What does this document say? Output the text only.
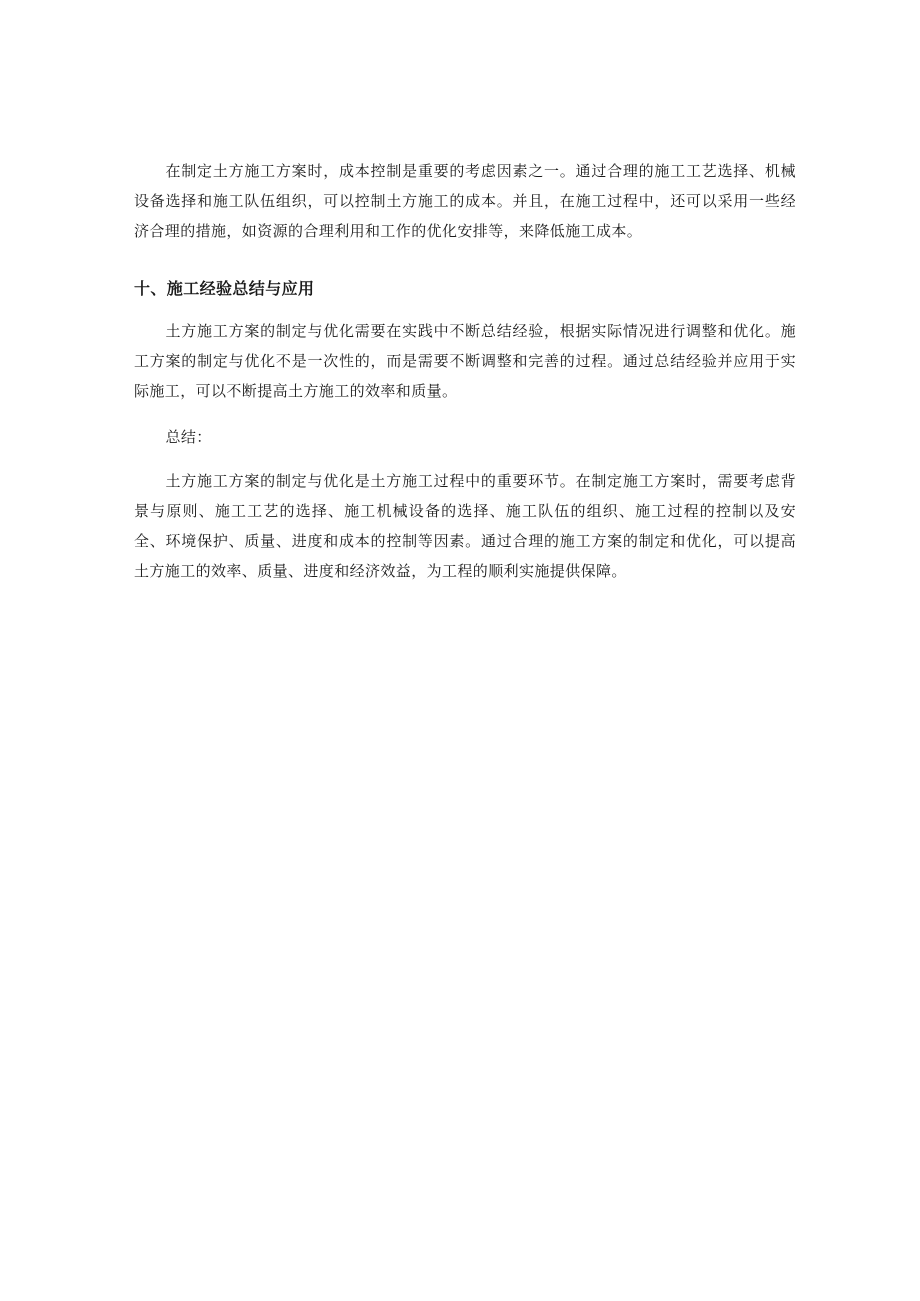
在制定土方施工方案时，成本控制是重要的考虑因素之一。通过合理的施工工艺选择、机械设备选择和施工队伍组织，可以控制土方施工的成本。并且，在施工过程中，还可以采用一些经济合理的措施，如资源的合理利用和工作的优化安排等，来降低施工成本。

十、施工经验总结与应用

土方施工方案的制定与优化需要在实践中不断总结经验，根据实际情况进行调整和优化。施工方案的制定与优化不是一次性的，而是需要不断调整和完善的过程。通过总结经验并应用于实际施工，可以不断提高土方施工的效率和质量。

总结：

土方施工方案的制定与优化是土方施工过程中的重要环节。在制定施工方案时，需要考虑背景与原则、施工工艺的选择、施工机械设备的选择、施工队伍的组织、施工过程的控制以及安全、环境保护、质量、进度和成本的控制等因素。通过合理的施工方案的制定和优化，可以提高土方施工的效率、质量、进度和经济效益，为工程的顺利实施提供保障。
